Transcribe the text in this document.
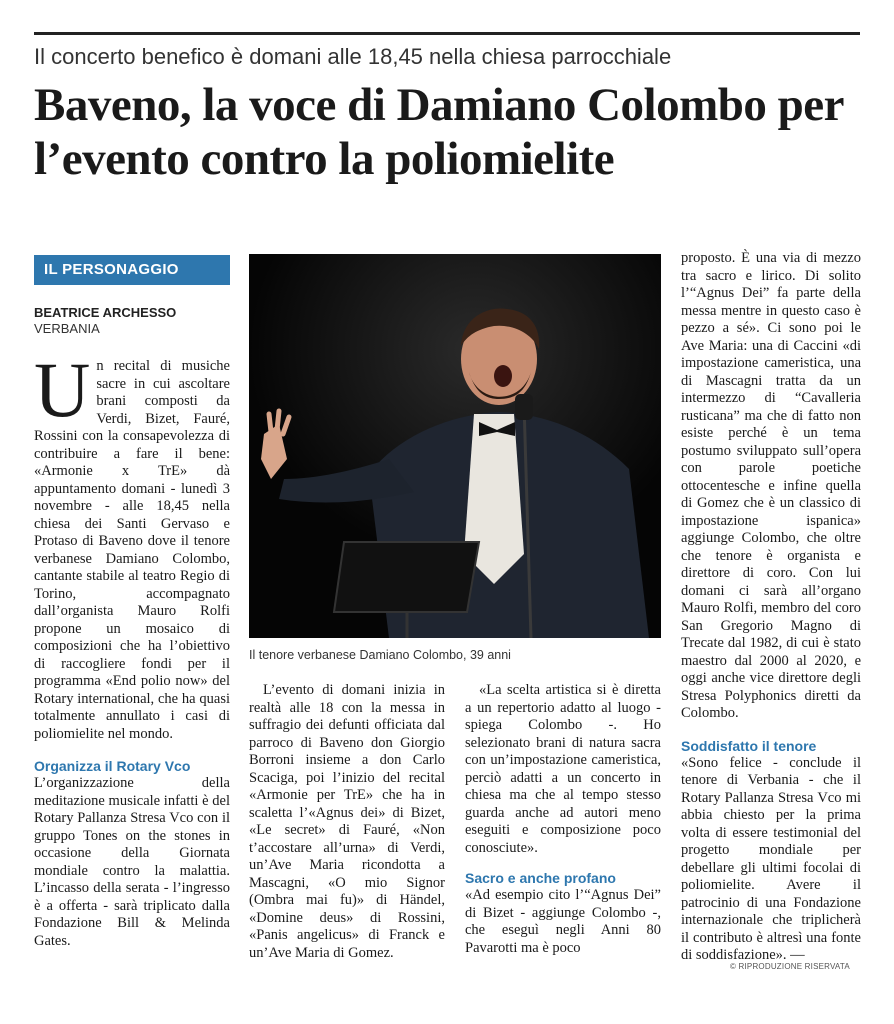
Il concerto benefico è domani alle 18,45 nella chiesa parrocchiale
Baveno, la voce di Damiano Colombo per l’evento contro la poliomielite
IL PERSONAGGIO
BEATRICE ARCHESSO
VERBANIA

Un recital di musiche sacre in cui ascoltare brani composti da Verdi, Bizet, Fauré, Rossini con la consapevolezza di contribuire a fare il bene: «Armonie x TrE» dà appuntamento domani - lunedì 3 novembre - alle 18,45 nella chiesa dei Santi Gervaso e Protaso di Baveno dove il tenore verbanese Damiano Colombo, cantante stabile al teatro Regio di Torino, accompagnato dall’organista Mauro Rolfi propone un mosaico di composizioni che ha l’obiettivo di raccogliere fondi per il programma «End polio now» del Rotary international, che ha quasi totalmente annullato i casi di poliomielite nel mondo.

Organizza il Rotary Vco

L’organizzazione della meditazione musicale infatti è del Rotary Pallanza Stresa Vco con il gruppo Tones on the stones in occasione della Giornata mondiale contro la malattia. L’incasso della serata - l’ingresso è a offerta - sarà triplicato dalla Fondazione Bill & Melinda Gates.

Il tenore verbanese Damiano Colombo, 39 anni

L’evento di domani inizia in realtà alle 18 con la messa in suffragio dei defunti officiata dal parroco di Baveno don Giorgio Borroni insieme a don Carlo Scaciga, poi l’inizio del recital «Armonie per TrE» che ha in scaletta l’«Agnus dei» di Bizet, «Le secret» di Fauré, «Non t’accostare all’urna» di Verdi, un’Ave Maria ricondotta a Mascagni, «O mio Signor (Ombra mai fu)» di Händel, «Domine deus» di Rossini, «Panis angelicus» di Franck e un’Ave Maria di Gomez.

«La scelta artistica si è diretta a un repertorio adatto al luogo - spiega Colombo -. Ho selezionato brani di natura sacra con un’impostazione cameristica, perciò adatti a un concerto in chiesa ma che al tempo stesso guarda anche ad autori meno eseguiti e composizione poco conosciute».

Sacro e anche profano

«Ad esempio cito l’“Agnus Dei” di Bizet - aggiunge Colombo -, che eseguì negli Anni 80 Pavarotti ma è poco

proposto. È una via di mezzo tra sacro e lirico. Di solito l’“Agnus Dei” fa parte della messa mentre in questo caso è pezzo a sé». Ci sono poi le Ave Maria: una di Caccini «di impostazione cameristica, una di Mascagni tratta da un intermezzo di “Cavalleria rusticana” ma che di fatto non esiste perché è un tema postumo sviluppato sull’opera con parole poetiche ottocentesche e infine quella di Gomez che è un classico di impostazione ispanica» aggiunge Colombo, che oltre che tenore è organista e direttore di coro. Con lui domani ci sarà all’organo Mauro Rolfi, membro del coro San Gregorio Magno di Trecate dal 1982, di cui è stato maestro dal 2000 al 2020, e oggi anche vice direttore degli Stresa Polyphonics diretti da Colombo.

Soddisfatto il tenore

«Sono felice - conclude il tenore di Verbania - che il Rotary Pallanza Stresa Vco mi abbia chiesto per la prima volta di essere testimonial del progetto mondiale per debellare gli ultimi focolai di poliomielite. Avere il patrocinio di una Fondazione internazionale che triplicherà il contributo è altresì una fonte di soddisfazione». —

© RIPRODUZIONE RISERVATA
